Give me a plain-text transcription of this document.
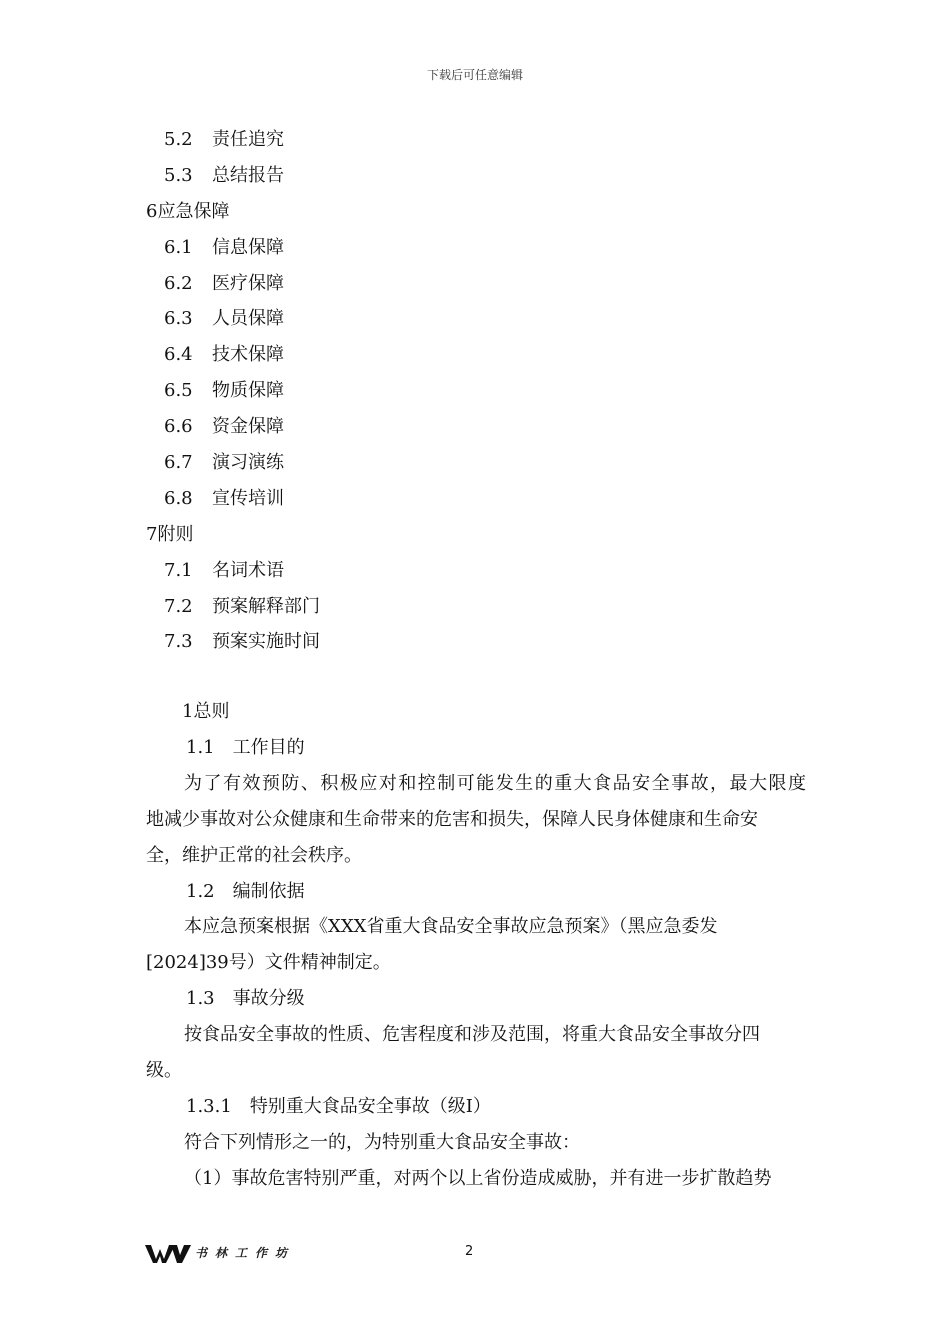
下载后可任意编辑
5.2 责任追究
5.3 总结报告
6应急保障
6.1 信息保障
6.2 医疗保障
6.3 人员保障
6.4 技术保障
6.5 物质保障
6.6 资金保障
6.7 演习演练
6.8 宣传培训
7附则
7.1 名词术语
7.2 预案解释部门
7.3 预案实施时间
1总则
1.1 工作目的
为了有效预防、积极应对和控制可能发生的重大食品安全事故，最大限度
地减少事故对公众健康和生命带来的危害和损失，保障人民身体健康和生命安
全，维护正常的社会秩序。
1.2 编制依据
本应急预案根据《XXX省重大食品安全事故应急预案》（黑应急委发
[2024]39号）文件精神制定。
1.3 事故分级
按食品安全事故的性质、危害程度和涉及范围，将重大食品安全事故分四
级。
1.3.1 特别重大食品安全事故（级Ⅰ）
符合下列情形之一的，为特别重大食品安全事故：
（1）事故危害特别严重，对两个以上省份造成威胁，并有进一步扩散趋势
书林工作坊	2
